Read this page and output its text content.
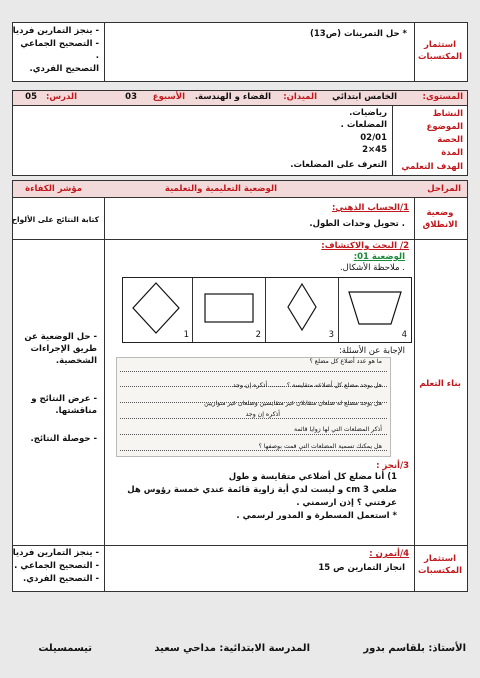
استثمار المكتسبات
* حل التمرينات (ص13)
- ينجز التمارين فرديا
- التصحيح الجماعي
.
التصحيح الفردي.
المستوى:
الخامس ابتدائي
الميدان:
الفضاء و الهندسة.
الأسبوع
03
الدرس:
05
النشاط
رياضيات.
الموضوع
المضلعات .
الحصة
02/01
المدة
45×2
الهدف التعلمي
التعرف على المضلعات.
المراحل
الوضعية التعليمية والتعلمية
مؤشر الكفاءة
وضعية الانطلاق
1/الحساب الذهني:
. تحويل وحدات الطول.
كتابة النتائج على الألواح
بناء التعلم
2/ البحث والاكتشاف:
الوضعية 01:
. ملاحظة الأشكال.
4
3
2
1
الإجابة عن الأسئلة:
ما هو عدد أضلاع كل مضلع ؟
هل يوجد مضلع كل أضلاعه متقايسة ؟ ........ أذكره إن وجد
هل يوجد مضلع له ضلعان متقابلان غير متقايسين وضلعان غير متوازيين
أذكره إن وجد
أذكر المضلعات التي لها زوايا قائمة
هل يمكنك تسمية المضلعات التي قمت بوصفها ؟
3/أنجز :
1) أنا مضلع كل أضلاعي متقايسة و طول
ضلعي 3 cm و ليست لدي أية زاوية قائمة عندي خمسة رؤوس هل
عرفتني ؟ إذن ارسمني .
* استعمل المسطرة و المدور لرسمي .
- حل الوضعية عن طريق الإجراءات الشخصية.
- عرض النتائج و مناقشتها.
- حوصلة النتائج.
استثمار المكتسبات
4/أتمرن :
انجاز التمارين ص 15
- ينجز التمارين فرديا
- التصحيح الجماعي .
- التصحيح الفردي.
الأستاذ: بلقاسم بدور
المدرسة الابتدائية: مداحي سعيد
تيسمسيلت
